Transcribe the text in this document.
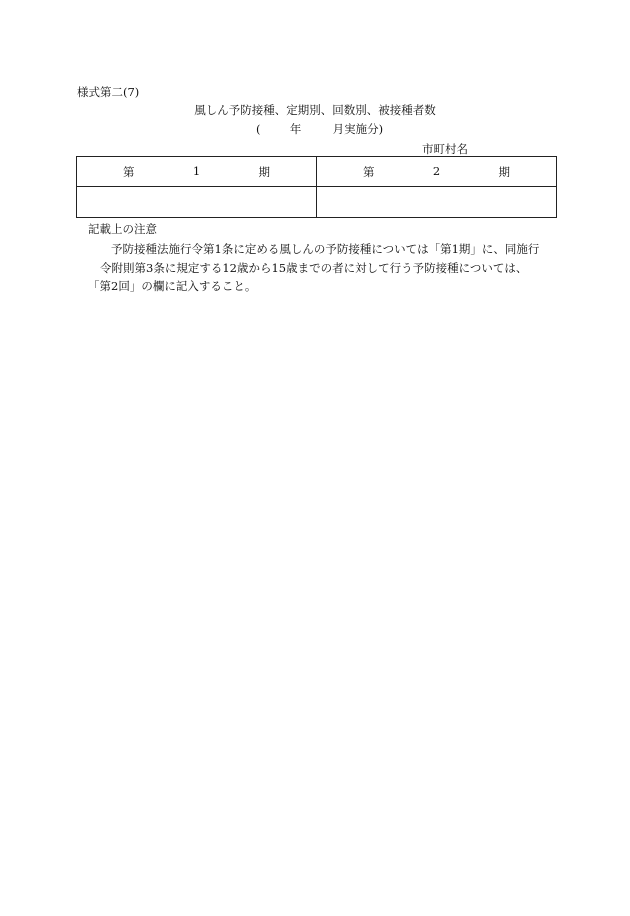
様式第二(7)
風しん予防接種、定期別、回数別、被接種者数
(	年	月実施分)
市町村名
第 1 期	第 2 期

記載上の注意
予防接種法施行令第1条に定める風しんの予防接種については「第1期」に、同施行
令附則第3条に規定する12歳から15歳までの者に対して行う予防接種については、
「第2回」の欄に記入すること。
